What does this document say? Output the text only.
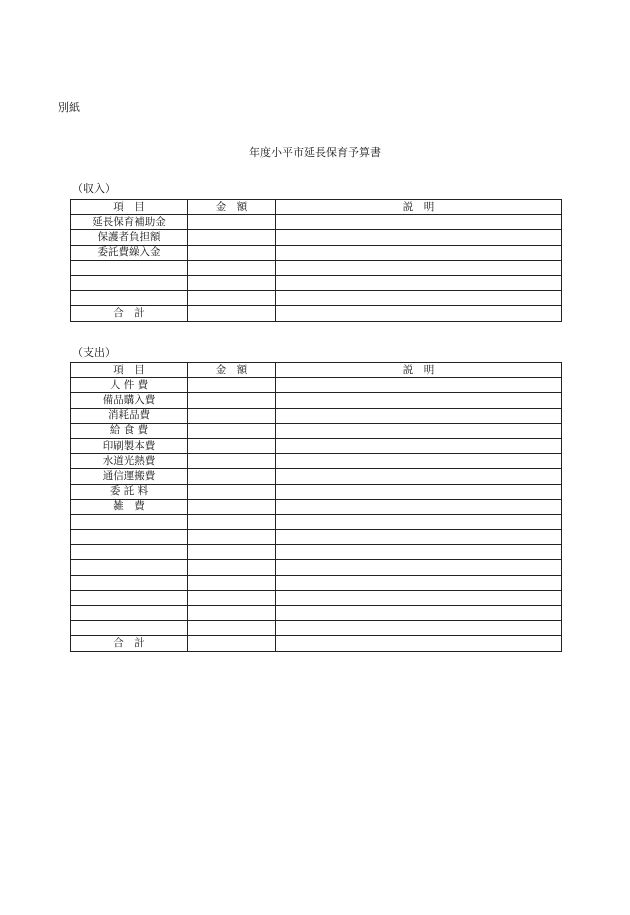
別紙
年度小平市延長保育予算書
（収入）
項　目	金　額	説　明
延長保育補助金		
保護者負担額		
委託費繰入金		

合　計		
（支出）
項　目	金　額	説　明
人 件 費		
備品購入費		
消耗品費		
給 食 費		
印刷製本費		
水道光熱費		
通信運搬費		
委 託 料		
雑　費		

合　計		
